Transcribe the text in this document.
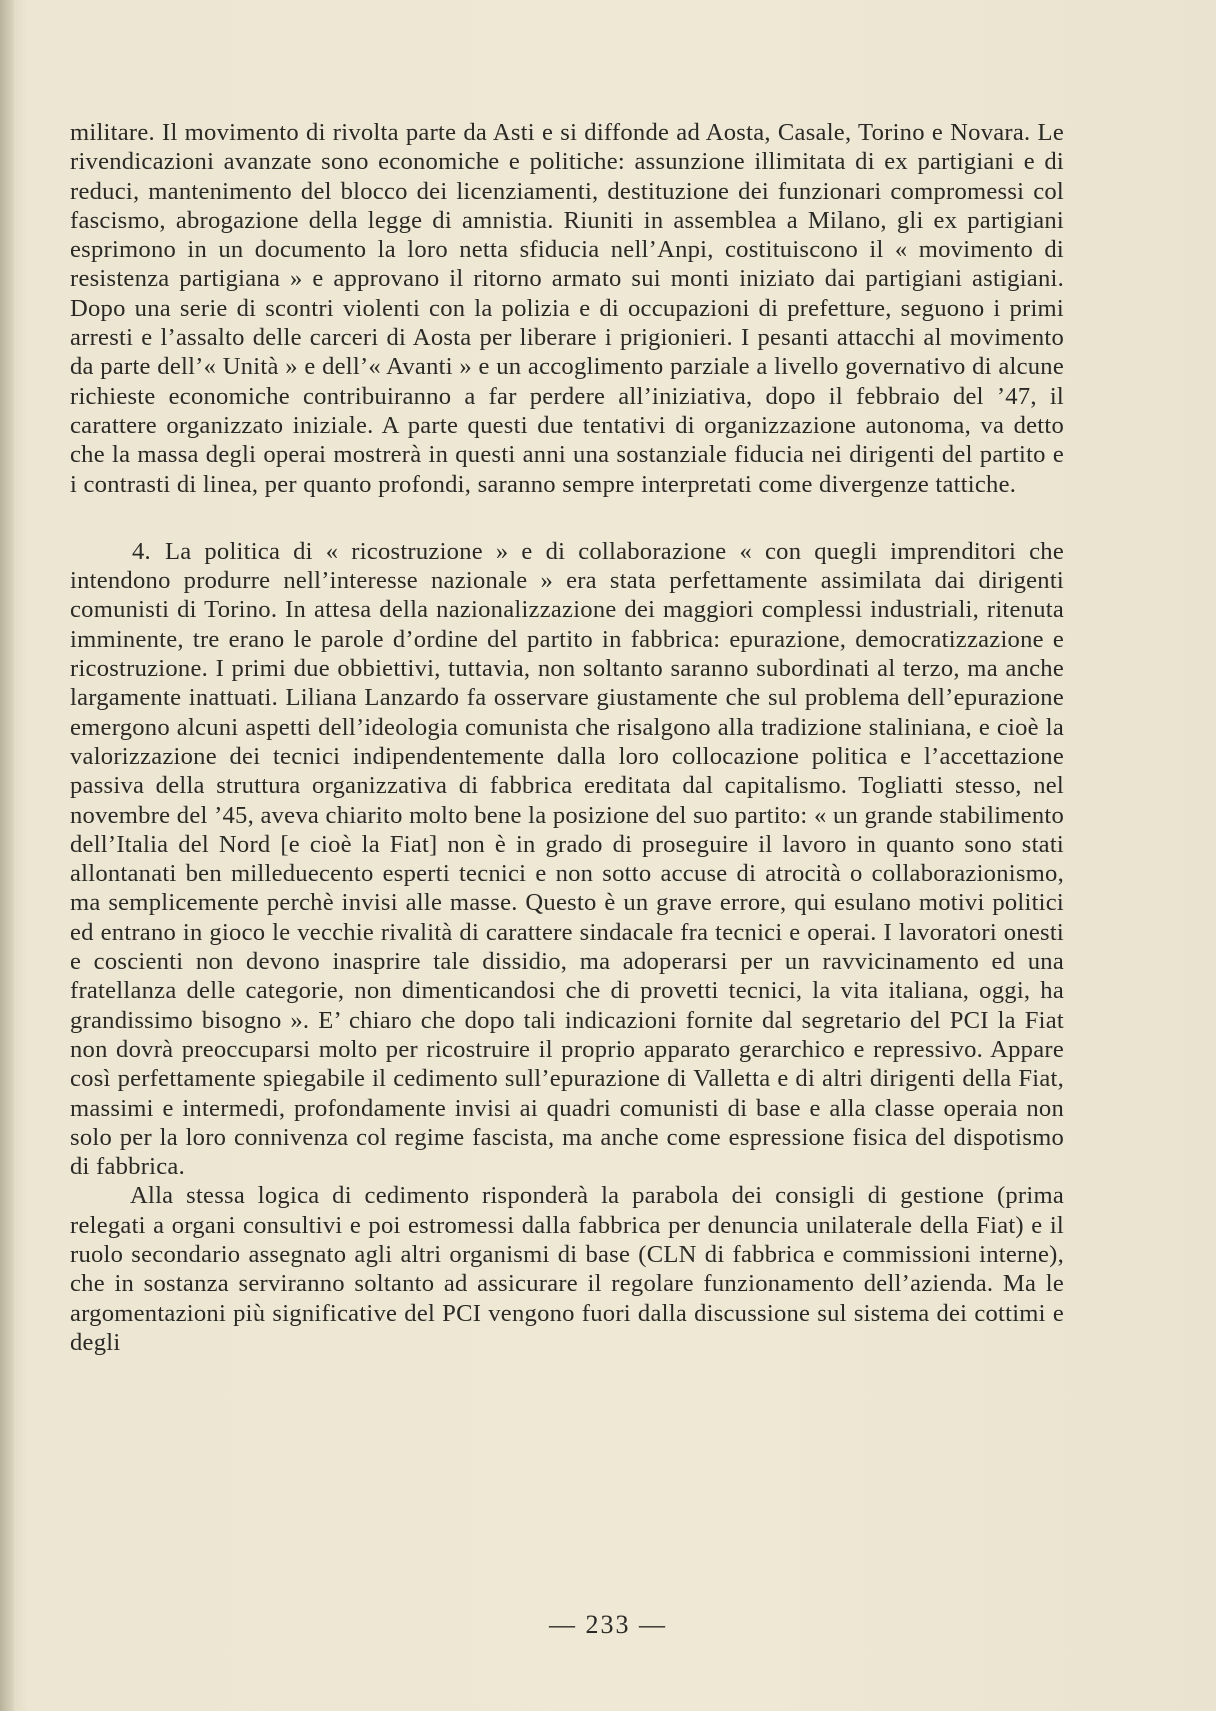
militare. Il movimento di rivolta parte da Asti e si diffonde ad Aosta, Casale, Torino e Novara. Le rivendicazioni avanzate sono economiche e politiche: assunzione illimitata di ex partigiani e di reduci, mantenimento del blocco dei licenziamenti, destituzione dei funzionari compromessi col fascismo, abrogazione della legge di amnistia. Riuniti in assemblea a Milano, gli ex partigiani esprimono in un documento la loro netta sfiducia nell’Anpi, costituiscono il « movimento di resistenza partigiana » e approvano il ritorno armato sui monti iniziato dai partigiani astigiani. Dopo una serie di scontri violenti con la polizia e di occupazioni di prefetture, seguono i primi arresti e l’assalto delle carceri di Aosta per liberare i prigionieri. I pesanti attacchi al movimento da parte dell’« Unità » e dell’« Avanti » e un accoglimento parziale a livello governativo di alcune richieste economiche contribuiranno a far perdere all’iniziativa, dopo il febbraio del ’47, il carattere organizzato iniziale. A parte questi due tentativi di organizzazione autonoma, va detto che la massa degli operai mostrerà in questi anni una sostanziale fiducia nei dirigenti del partito e i contrasti di linea, per quanto profondi, saranno sempre interpretati come divergenze tattiche.

4. La politica di « ricostruzione » e di collaborazione « con quegli imprenditori che intendono produrre nell’interesse nazionale » era stata perfettamente assimilata dai dirigenti comunisti di Torino. In attesa della nazionalizzazione dei maggiori complessi industriali, ritenuta imminente, tre erano le parole d’ordine del partito in fabbrica: epurazione, democratizzazione e ricostruzione. I primi due obbiettivi, tuttavia, non soltanto saranno subordinati al terzo, ma anche largamente inattuati. Liliana Lanzardo fa osservare giustamente che sul problema dell’epurazione emergono alcuni aspetti dell’ideologia comunista che risalgono alla tradizione staliniana, e cioè la valorizzazione dei tecnici indipendentemente dalla loro collocazione politica e l’accettazione passiva della struttura organizzativa di fabbrica ereditata dal capitalismo. Togliatti stesso, nel novembre del ’45, aveva chiarito molto bene la posizione del suo partito: « un grande stabilimento dell’Italia del Nord [e cioè la Fiat] non è in grado di proseguire il lavoro in quanto sono stati allontanati ben milleduecento esperti tecnici e non sotto accuse di atrocità o collaborazionismo, ma semplicemente perchè invisi alle masse. Questo è un grave errore, qui esulano motivi politici ed entrano in gioco le vecchie rivalità di carattere sindacale fra tecnici e operai. I lavoratori onesti e coscienti non devono inasprire tale dissidio, ma adoperarsi per un ravvicinamento ed una fratellanza delle categorie, non dimenticandosi che di provetti tecnici, la vita italiana, oggi, ha grandissimo bisogno ». E’ chiaro che dopo tali indicazioni fornite dal segretario del PCI la Fiat non dovrà preoccuparsi molto per ricostruire il proprio apparato gerarchico e repressivo. Appare così perfettamente spiegabile il cedimento sull’epurazione di Valletta e di altri dirigenti della Fiat, massimi e intermedi, profondamente invisi ai quadri comunisti di base e alla classe operaia non solo per la loro connivenza col regime fascista, ma anche come espressione fisica del dispotismo di fabbrica.

Alla stessa logica di cedimento risponderà la parabola dei consigli di gestione (prima relegati a organi consultivi e poi estromessi dalla fabbrica per denuncia unilaterale della Fiat) e il ruolo secondario assegnato agli altri organismi di base (CLN di fabbrica e commissioni interne), che in sostanza serviranno soltanto ad assicurare il regolare funzionamento dell’azienda. Ma le argomentazioni più significative del PCI vengono fuori dalla discussione sul sistema dei cottimi e degli

— 233 —
